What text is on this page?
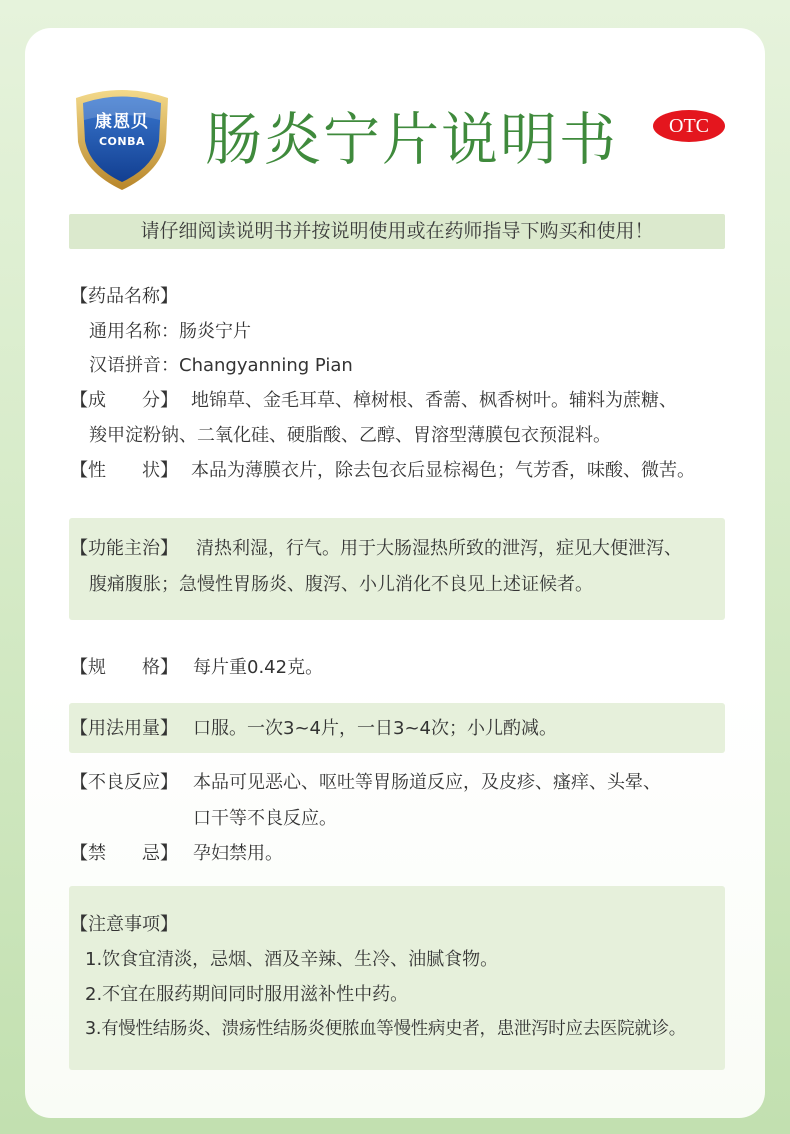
康恩贝
CONBA	肠炎宁片说明书	OTC
请仔细阅读说明书并按说明使用或在药师指导下购买和使用！
【药品名称】
通用名称：肠炎宁片
汉语拼音：Changyanning Pian
【成　　分】 地锦草、金毛耳草、樟树根、香薷、枫香树叶。辅料为蔗糖、
羧甲淀粉钠、二氧化硅、硬脂酸、乙醇、胃溶型薄膜包衣预混料。
【性　　状】 本品为薄膜衣片，除去包衣后显棕褐色；气芳香，味酸、微苦。
【功能主治】 清热利湿，行气。用于大肠湿热所致的泄泻，症见大便泄泻、
腹痛腹胀；急慢性胃肠炎、腹泻、小儿消化不良见上述证候者。
【规　　格】 每片重0.42克。
【用法用量】 口服。一次3~4片，一日3~4次；小儿酌减。
【不良反应】 本品可见恶心、呕吐等胃肠道反应，及皮疹、瘙痒、头晕、
口干等不良反应。
【禁　　忌】 孕妇禁用。
【注意事项】
1.饮食宜清淡，忌烟、酒及辛辣、生冷、油腻食物。
2.不宜在服药期间同时服用滋补性中药。
3.有慢性结肠炎、溃疡性结肠炎便脓血等慢性病史者，患泄泻时应去医院就诊。
